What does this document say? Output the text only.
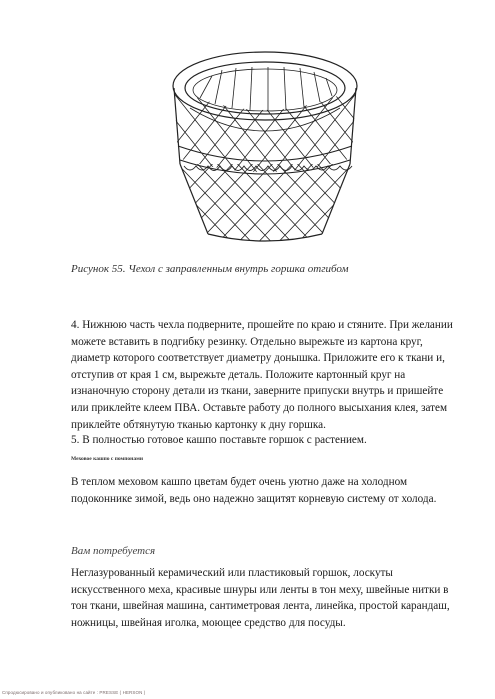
Рисунок 55. Чехол с заправленным внутрь горшка отгибом
4. Нижнюю часть чехла подверните, прошейте по краю и стяните. При желании можете вставить в подгибку резинку. Отдельно вырежьте из картона круг, диаметр которого соответствует диаметру донышка. Приложите его к ткани и, отступив от края 1 см, вырежьте деталь. Положите картонный круг на изнаночную сторону детали из ткани, заверните припуски внутрь и пришейте или приклейте клеем ПВА. Оставьте работу до полного высыхания клея, затем приклейте обтянутую тканью картонку к дну горшка.
5. В полностью готовое кашпо поставьте горшок с растением.
Меховое кашпо с помпонами
В теплом меховом кашпо цветам будет очень уютно даже на холодном подоконнике зимой, ведь оно надежно защитят корневую систему от холода.
Вам потребуется
Неглазурованный керамический или пластиковый горшок, лоскуты искусственного меха, красивые шнуры или ленты в тон меху, швейные нитки в тон ткани, швейная машина, сантиметровая лента, линейка, простой карандаш, ножницы, швейная иголка, моющее средство для посуды.
Спродюсировано и опубликовано на сайте : PRESSE ( HERSON )
